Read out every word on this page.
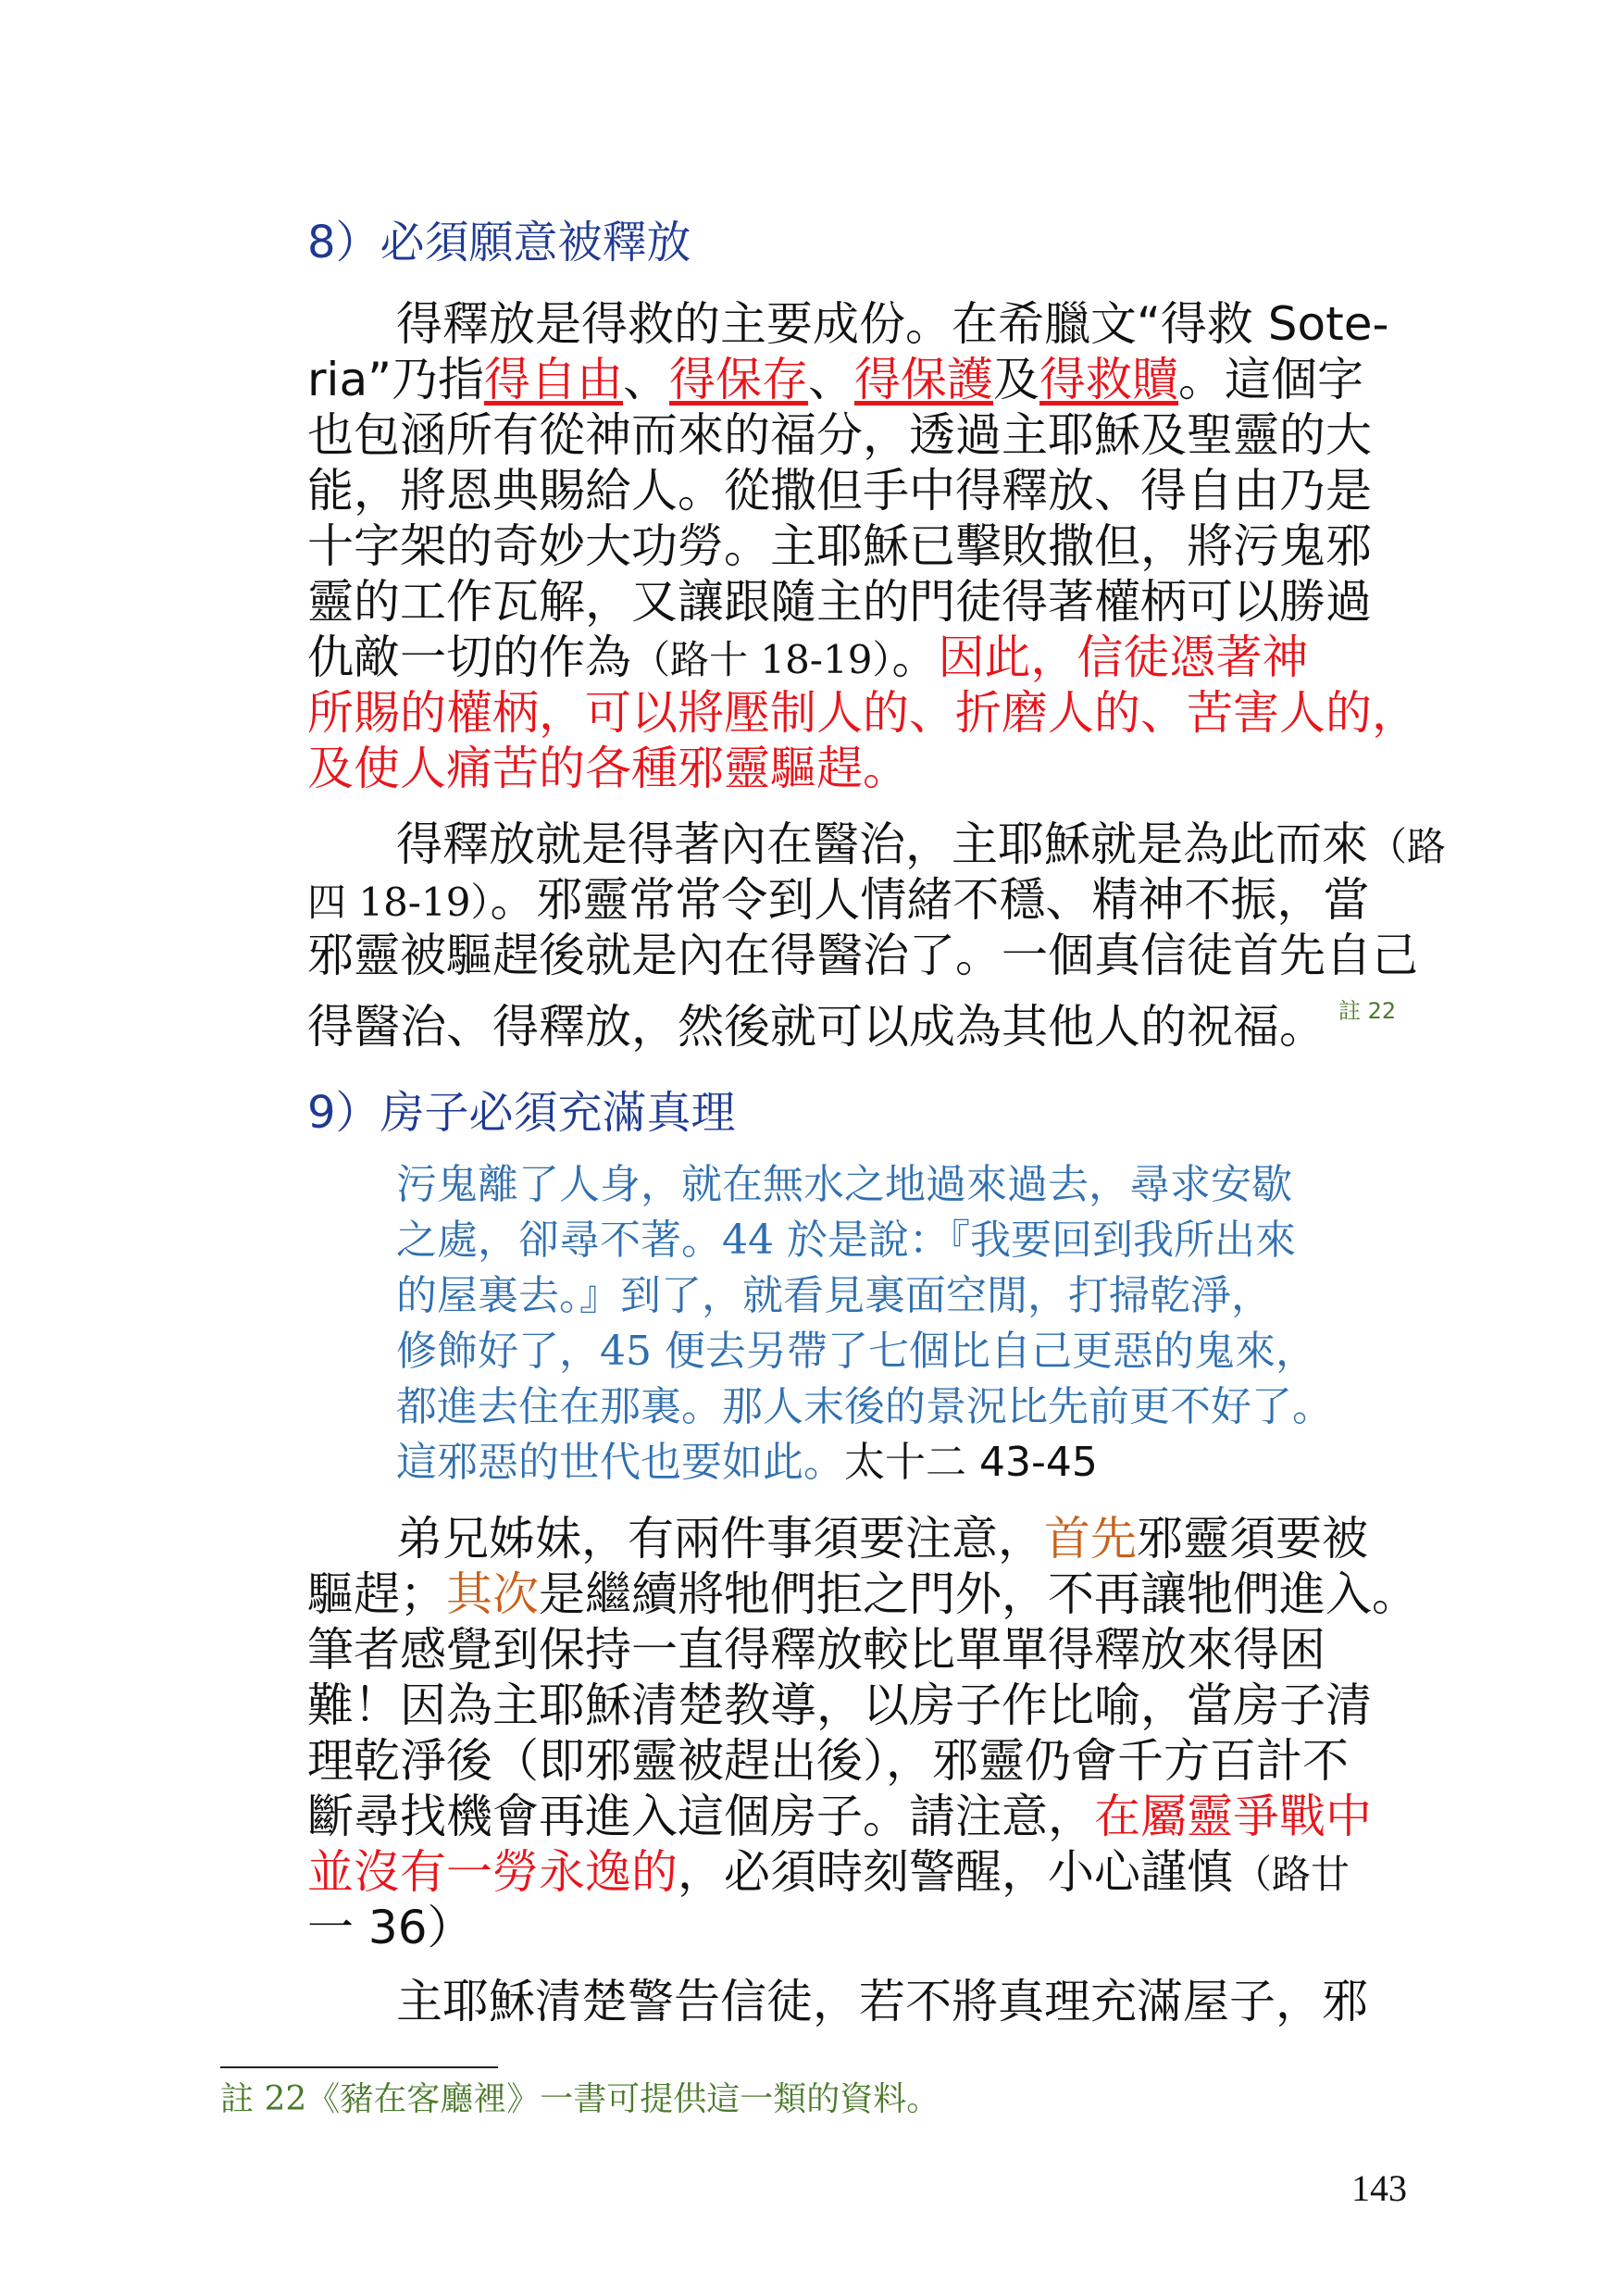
8）必須願意被釋放
得釋放是得救的主要成份。在希臘文“得救 Sote-
ria”乃指得自由、得保存、得保護及得救贖。這個字
也包涵所有從神而來的福分，透過主耶穌及聖靈的大
能，將恩典賜給人。從撒但手中得釋放、得自由乃是
十字架的奇妙大功勞。主耶穌已擊敗撒但，將污鬼邪
靈的工作瓦解，又讓跟隨主的門徒得著權柄可以勝過
仇敵一切的作為（路十 18-19）。因此，信徒憑著神
所賜的權柄，可以將壓制人的、折磨人的、苦害人的，
及使人痛苦的各種邪靈驅趕。
得釋放就是得著內在醫治，主耶穌就是為此而來（路
四 18-19）。邪靈常常令到人情緒不穩、精神不振，當
邪靈被驅趕後就是內在得醫治了。一個真信徒首先自己
得醫治、得釋放，然後就可以成為其他人的祝福。 $^{註 22}$
9）房子必須充滿真理
污鬼離了人身，就在無水之地過來過去，尋求安歇
之處，卻尋不著。44 於是說：『我要回到我所出來
的屋裏去。』到了，就看見裏面空閒，打掃乾淨，
修飾好了，45 便去另帶了七個比自己更惡的鬼來，
都進去住在那裏。那人末後的景況比先前更不好了。
這邪惡的世代也要如此。太十二 43-45
弟兄姊妹，有兩件事須要注意，首先邪靈須要被
驅趕；其次是繼續將牠們拒之門外，不再讓牠們進入。
筆者感覺到保持一直得釋放較比單單得釋放來得困
難！因為主耶穌清楚教導，以房子作比喻，當房子清
理乾淨後（即邪靈被趕出後），邪靈仍會千方百計不
斷尋找機會再進入這個房子。請注意，在屬靈爭戰中
並沒有一勞永逸的，必須時刻警醒，小心謹慎（路廿
一 36）
主耶穌清楚警告信徒，若不將真理充滿屋子，邪
註 22《豬在客廳裡》一書可提供這一類的資料。
143
